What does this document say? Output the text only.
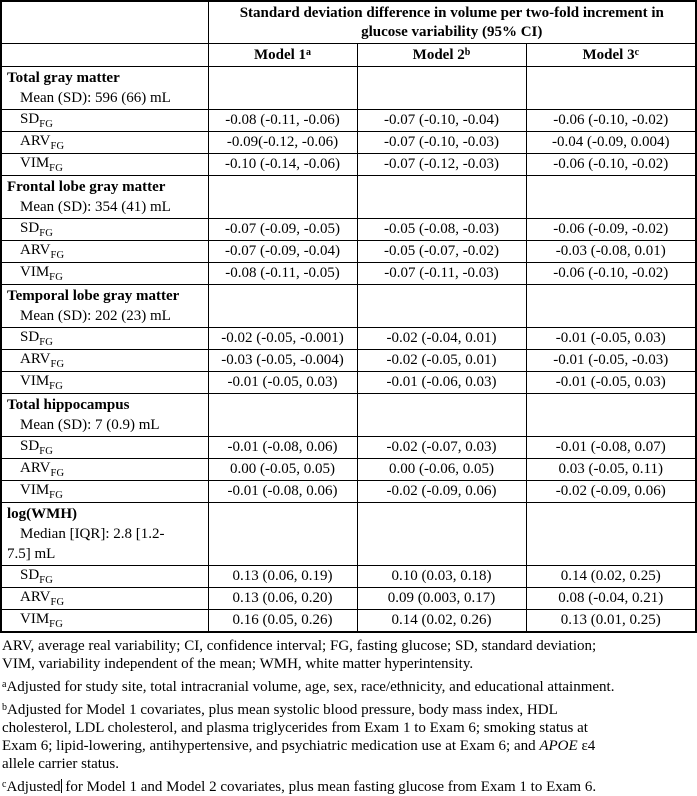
	Standard deviation difference in volume per two-fold increment in
glucose variability (95% CI)		

	Model 1$^a$	Model 2$^b$	Model 3$^c$

Total gray matter
Mean (SD): 596 (66) mL			

$SD_{FG}$	-0.08 (-0.11, -0.06)	-0.07 (-0.10, -0.04)	-0.06 (-0.10, -0.02)
$ARV_{FG}$	-0.09(-0.12, -0.06)	-0.07 (-0.10, -0.03)	-0.04 (-0.09, 0.004)
$VIM_{FG}$	-0.10 (-0.14, -0.06)	-0.07 (-0.12, -0.03)	-0.06 (-0.10, -0.02)

Frontal lobe gray matter
Mean (SD): 354 (41) mL			

$SD_{FG}$	-0.07 (-0.09, -0.05)	-0.05 (-0.08, -0.03)	-0.06 (-0.09, -0.02)
$ARV_{FG}$	-0.07 (-0.09, -0.04)	-0.05 (-0.07, -0.02)	-0.03 (-0.08, 0.01)
$VIM_{FG}$	-0.08 (-0.11, -0.05)	-0.07 (-0.11, -0.03)	-0.06 (-0.10, -0.02)

Temporal lobe gray matter
Mean (SD): 202 (23) mL			

$SD_{FG}$	-0.02 (-0.05, -0.001)	-0.02 (-0.04, 0.01)	-0.01 (-0.05, 0.03)
$ARV_{FG}$	-0.03 (-0.05, -0.004)	-0.02 (-0.05, 0.01)	-0.01 (-0.05, -0.03)
$VIM_{FG}$	-0.01 (-0.05, 0.03)	-0.01 (-0.06, 0.03)	-0.01 (-0.05, 0.03)

Total hippocampus
Mean (SD): 7 (0.9) mL			

$SD_{FG}$	-0.01 (-0.08, 0.06)	-0.02 (-0.07, 0.03)	-0.01 (-0.08, 0.07)
$ARV_{FG}$	0.00 (-0.05, 0.05)	0.00 (-0.06, 0.05)	0.03 (-0.05, 0.11)
$VIM_{FG}$	-0.01 (-0.08, 0.06)	-0.02 (-0.09, 0.06)	-0.02 (-0.09, 0.06)

log(WMH)
Median [IQR]: 2.8 [1.2-
7.5] mL			

$SD_{FG}$	0.13 (0.06, 0.19)	0.10 (0.03, 0.18)	0.14 (0.02, 0.25)
$ARV_{FG}$	0.13 (0.06, 0.20)	0.09 (0.003, 0.17)	0.08 (-0.04, 0.21)
$VIM_{FG}$	0.16 (0.05, 0.26)	0.14 (0.02, 0.26)	0.13 (0.01, 0.25)
ARV, average real variability; CI, confidence interval; FG, fasting glucose; SD, standard deviation;
VIM, variability independent of the mean; WMH, white matter hyperintensity.
$^a$Adjusted for study site, total intracranial volume, age, sex, race/ethnicity, and educational attainment.
$^b$Adjusted for Model 1 covariates, plus mean systolic blood pressure, body mass index, HDL
cholesterol, LDL cholesterol, and plasma triglycerides from Exam 1 to Exam 6; smoking status at
Exam 6; lipid-lowering, antihypertensive, and psychiatric medication use at Exam 6; and APOE ε4
allele carrier status.
$^c$Adjusted for Model 1 and Model 2 covariates, plus mean fasting glucose from Exam 1 to Exam 6.
